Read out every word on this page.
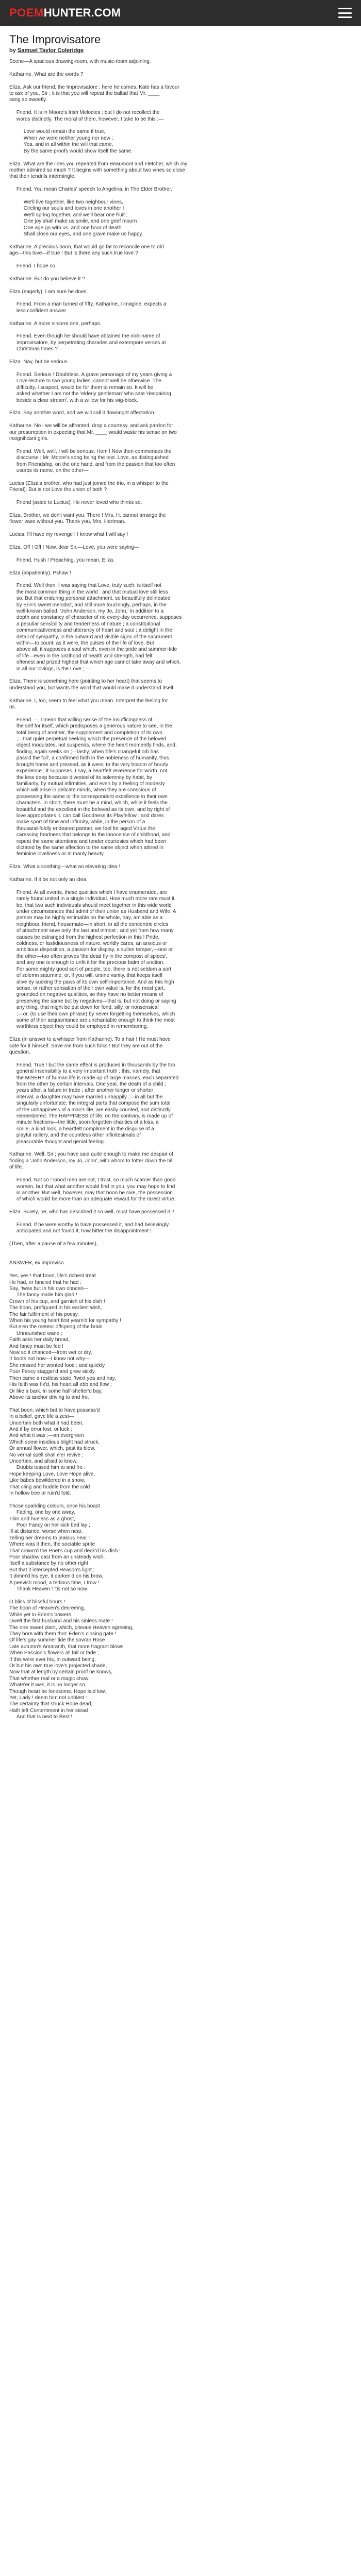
POEM HUNTER.COM
The Improvisatore
by Samuel Taylor Coleridge
Scene—A spacious drawing-room, with music-room adjoining.

Katharine. What are the words ?

Eliza. Ask our friend, the Improvisatore ; here he comes. Kate has a favour
to ask of you, Sir ; it is that you will repeat the ballad that Mr. ____
sang so sweetly.

Friend. It is in Moore's Irish Melodies ; but I do not recollect the
words distinctly. The moral of them, however, I take to be this :—

Love would remain the same if true,
When we were neither young nor new ;
Yea, and in all within the will that came,
By the same proofs would show itself the same.

Eliza. What are the lines you repeated from Beaumont and Fletcher, which my
mother admired so much ? It begins with something about two vines so close
that their tendrils intermingle.

Friend. You mean Charles' speech to Angelina, in The Elder Brother.

We'll live together, like two neighbour vines,
Circling our souls and loves in one another !
We'll spring together, and we'll bear one fruit ;
One joy shall make us smile, and one grief mourn ;
One age go with us, and one hour of death
Shall close our eyes, and one grave make us happy.

Katharine. A precious boon, that would go far to reconcile one to old
age—this love—if true ! But is there any such true love ?

Friend. I hope so.

Katharine. But do you believe it ?

Eliza (eagerly). I am sure he does.

Friend. From a man turned of fifty, Katharine, I imagine, expects a
less confident answer.

Katharine. A more sincere one, perhaps.

Friend. Even though he should have obtained the nick-name of
Improvisatore, by perpetrating charades and extempore verses at
Christmas times ?

Eliza. Nay, but be serious.

Friend. Serious ! Doubtless. A grave personage of my years giving a
Love-lecture to two young ladies, cannot well be otherwise. The
difficulty, I suspect, would be for them to remain so. It will be
asked whether I am not the 'elderly gentleman' who sate 'despairing
beside a clear stream', with a willow for his wig-block.

Eliza. Say another word, and we will call it downright affectation.

Katharine. No ! we will be affronted, drop a courtesy, and ask pardon for
our presumption in expecting that Mr. ____ would waste his sense on two
insignificant girls.

Friend. Well, well, I will be serious. Hem ! Now then commences the
discourse ; Mr. Moore's song being the text. Love, as distinguished
from Friendship, on the one hand, and from the passion that too often
usurps its name, on the other—

Lucius (Eliza's brother, who had just joined the trio, in a whisper to the
Friend). But is not Love the union of both ?

Friend (aside to Lucius). He never loved who thinks so.

Eliza. Brother, we don't want you. There ! Mrs. H. cannot arrange the
flower vase without you. Thank you, Mrs. Hartman.

Lucius. I'll have my revenge ! I know what I will say !

Eliza. Off ! Off ! Now, dear Sir,—Love, you were saying—

Friend. Hush ! Preaching, you mean, Eliza.

Eliza (impatiently). Pshaw !

Friend. Well then, I was saying that Love, truly such, is itself not
the most common thing in the world : and that mutual love still less
so. But that enduring personal attachment, so beautifully delineated
by Erin's sweet melodist, and still more touchingly, perhaps, in the
well-known ballad, 'John Anderson, my Jo, John,' in addition to a
depth and constancy of character of no every-day occurrence, supposes
a peculiar sensibility and tenderness of nature ; a constitutional
communicativeness and utterancy of heart and soul ; a delight in the
detail of sympathy, in the outward and visible signs of the sacrament
within—to count, as it were, the pulses of the life of love. But
above all, it supposes a soul which, even in the pride and summer-tide
of life—even in the lustihood of health and strength, had felt
oftenest and prized highest that which age cannot take away and which,
in all our lovings, is the Love ; —

Eliza. There is something here (pointing to her heart) that seems to
understand you, but wants the word that would make it understand itself.

Katharine. I, too, seem to feel what you mean. Interpret the feeling for
us.

Friend. — I mean that willing sense of the insufficingness of
the self for itself, which predisposes a generous nature to see, in the
total being of another, the supplement and completion of its own
;—that quiet perpetual seeking which the presence of the beloved
object modulates, not suspends, where the heart momently finds, and,
finding, again seeks on ;—lastly, when 'life's changeful orb has
pass'd the full', a confirmed faith in the nobleness of humanity, thus
brought home and pressed, as it were, to the very bosom of hourly
experience ; it supposes, I say, a heartfelt reverence for worth, not
the less deep because divested of its solemnity by habit, by
familiarity, by mutual infirmities, and even by a feeling of modesty
which will arise in delicate minds, when they are conscious of
possessing the same or the correspondent excellence in their own
characters. In short, there must be a mind, which, while it feels the
beautiful and the excellent in the beloved as its own, and by right of
love appropriates it, can call Goodness its Playfellow ; and dares
make sport of time and infirmity, while, in the person of a
thousand-foldly endeared partner, we feel for aged Virtue the
caressing fondness that belongs to the innocence of childhood, and
repeat the same attentions and tender courtesies which had been
dictated by the same affection to the same object when attired in
feminine loveliness or in manly beauty.

Eliza. What a soothing—what an elevating idea !

Katharine. If it be not only an idea.

Friend. At all events, these qualities which I have enumerated, are
rarely found united in a single individual. How much more rare must it
be, that two such individuals should meet together in this wide world
under circumstances that admit of their union as Husband and Wife. A
person may be highly estimable on the whole, nay, amiable as a
neighbour, friend, housemate—in short, in all the concentric circles
of attachment save only the last and inmost ; and yet from how many
causes be estranged from the highest perfection in this ! Pride,
coldness, or fastidiousness of nature, worldly cares, an anxious or
ambitious disposition, a passion for display, a sullen temper,—one or
the other—too often proves 'the dead fly in the compost of spices',
and any one is enough to unfit it for the precious balm of unction.
For some mighty good sort of people, too, there is not seldom a sort
of solemn saturnine, or, if you will, ursine vanity, that keeps itself
alive by sucking the paws of its own self-importance. And as this high
sense, or rather sensation of their own value is, for the most part,
grounded on negative qualities, so they have no better means of
preserving the same but by negatives—that is, but not doing or saying
any thing, that might be put down for fond, silly, or nonsensical
;—or, (to use their own phrase) by never forgetting themselves, which
some of their acquaintance are uncharitable enough to think the most
worthless object they could be employed in remembering.

Eliza (in answer to a whisper from Katharine). To a hair ! He must have
sate for it himself. Save me from such folks ! But they are out of the
question.

Friend. True ! but the same effect is produced in thousands by the too
general insensibility to a very important truth ; this, namely, that
the MISERY of human life is made up of large masses, each separated
from the other by certain intervals. One year, the death of a child ;
years after, a failure in trade ; after another longer or shorter
interval, a daughter may have married unhappily ;—in all but the
singularly unfortunate, the integral parts that compose the sum total
of the unhappiness of a man's life, are easily counted, and distinctly
remembered. The HAPPINESS of life, on the contrary, is made up of
minute fractions—the little, soon-forgotten charities of a kiss, a
smile, a kind look, a heartfelt compliment in the disguise of a
playful raillery, and the countless other infinitesimals of
pleasurable thought and genial feeling.

Katharine. Well, Sir ; you have said quite enough to make me despair of
finding a 'John Anderson, my Jo, John', with whom to totter down the hill
of life.

Friend. Not so ! Good men are not, I trust, so much scarcer than good
women, but that what another would find in you, you may hope to find
in another. But well, however, may that boon be rare, the possession
of which would be more than an adequate reward for the rarest virtue.

Eliza. Surely, he, who has described it so well, must have possessed it ?

Friend. If he were worthy to have possessed it, and had believingly
anticipated and not found it, how bitter the disappointment !

(Then, after a pause of a few minutes),

ANSWER, ex improviso

Yes, yes ! that boon, life's richest treat
He had, or fancied that he had ;
Say, 'twas but in his own conceit—
The fancy made him glad !
Crown of his cup, and garnish of his dish !
The boon, prefigured in his earliest wish,
The fair fulfilment of his poesy,
When his young heart first yearn'd for sympathy !
But e'en the meteor offspring of the brain
Unnourished wane ;
Faith asks her daily bread,
And fancy must be fed !
Now so it chanced—from wet or dry,
It boots not how—I know not why—
She missed her wonted food ; and quickly
Poor Fancy stagger'd and grew sickly.
Then came a restless state, 'twixt yea and nay,
His faith was fix'd, his heart all ebb and flow ;
Or like a bark, in some half-shelter'd bay,
Above its anchor driving to and fro.

That boon, which but to have possess'd
In a belief, gave life a zest—
Uncertain both what it had been,
And if by error lost, or luck ;
And what it was ;—an evergreen
Which some insidious blight had struck,
Or annual flower, which, past its blow,
No vernal spell shall e'er revive ;
Uncertain, and afraid to know,
Doubts tossed him to and fro :
Hope keeping Love, Love Hope alive,
Like babes bewildered in a snow,
That cling and huddle from the cold
In hollow tree or ruin'd fold.

Those sparkling colours, once his boast
Fading, one by one away,
Thin and hueless as a ghost,
Poor Fancy on her sick bed lay ;
Ill at distance, worse when near,
Telling her dreams to jealous Fear !
Where was it then, the sociable sprite
That crown'd the Poet's cup and deck'd his dish !
Poor shadow cast from an unsteady wish,
Itself a substance by no other right
But that it intercepted Reason's light ;
It dimm'd his eye, it darken'd on his brow,
A peevish mood, a tedious time, I trow !
Thank Heaven ! 'tis not so now.

O bliss of blissful hours !
The boon of Heaven's decreeing,
While yet in Eden's bowers
Dwelt the first husband and his sinless mate !
The one sweet plant, which, piteous Heaven agreeing,
They bore with them thro' Eden's closing gate !
Of life's gay summer tide the sovran Rose !
Late autumn's Amaranth, that more fragrant blows
When Passion's flowers all fall or fade ;
If this were ever his, in outward being,
Or but his own true love's projected shade,
Now that at length by certain proof he knows,
That whether real or a magic show,
Whate'er it was, it is no longer so ;
Though heart be lonesome, Hope laid low,
Yet, Lady ! deem him not unblest :
The certainty that struck Hope dead,
Hath left Contentment in her stead :
And that is next to Best !
